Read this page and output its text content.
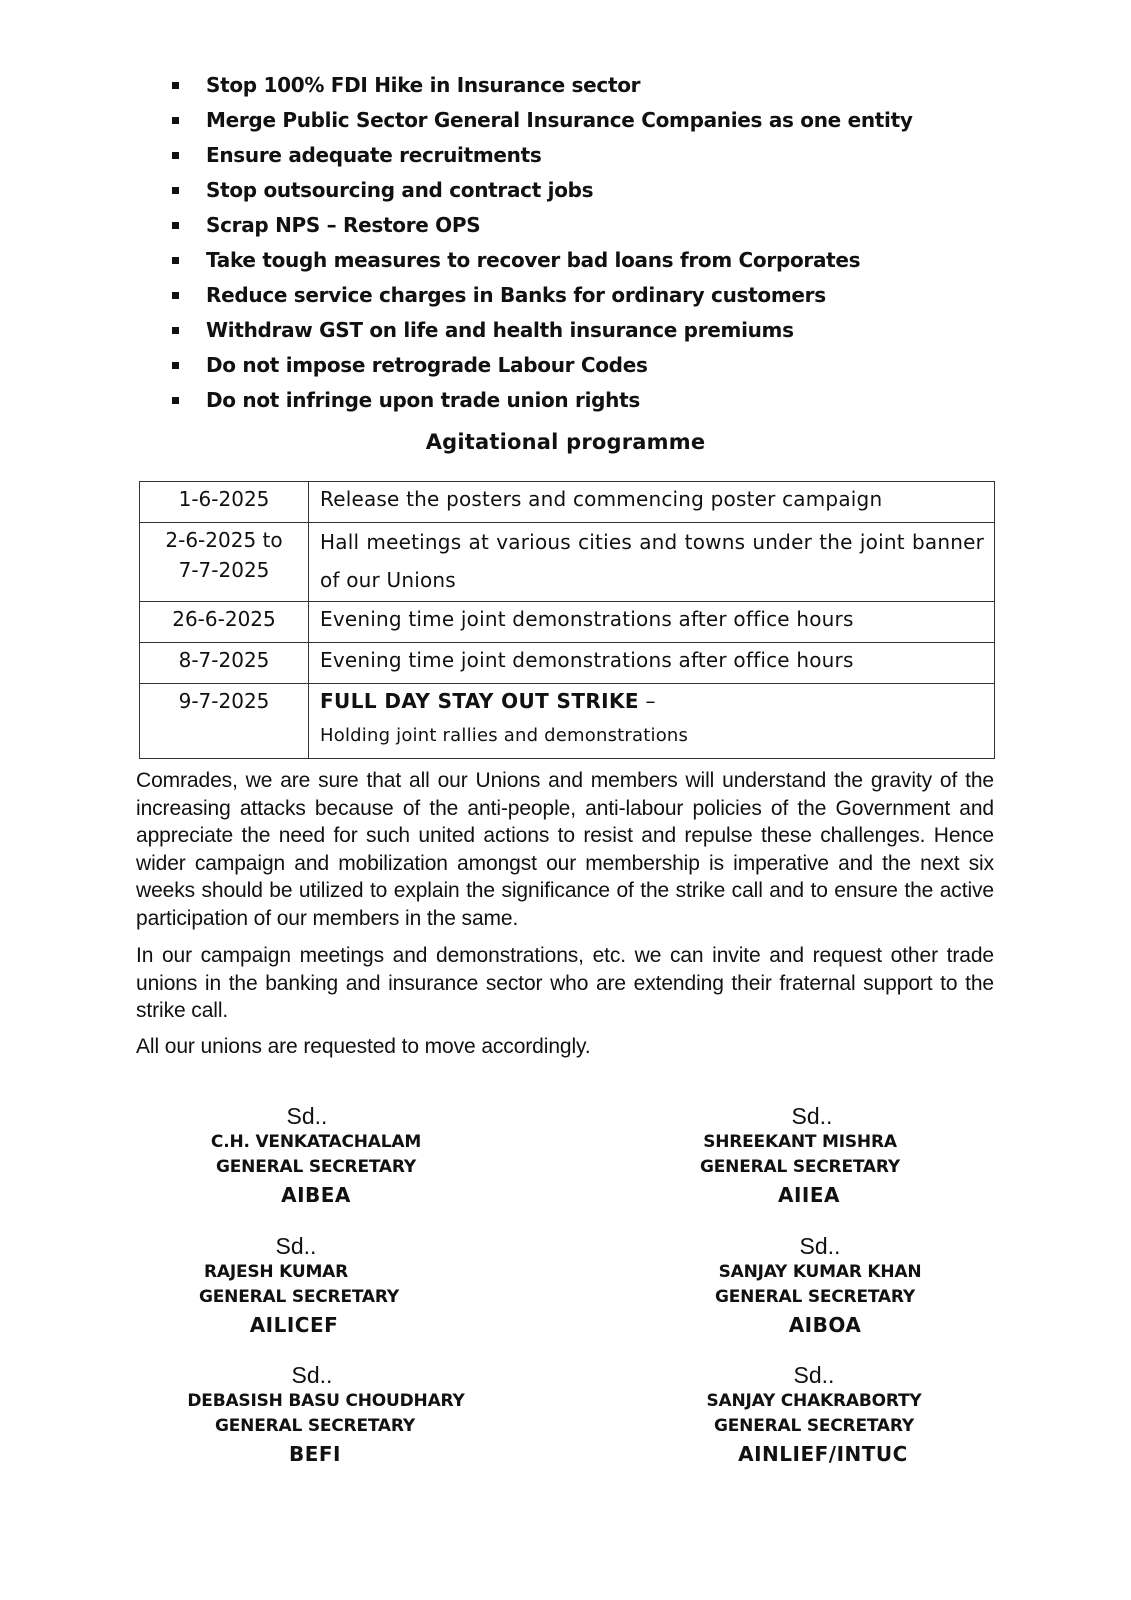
Stop 100% FDI Hike in Insurance sector
Merge Public Sector General Insurance Companies as one entity
Ensure adequate recruitments
Stop outsourcing and contract jobs
Scrap NPS – Restore OPS
Take tough measures to recover bad loans from Corporates
Reduce service charges in Banks for ordinary customers
Withdraw GST on life and health insurance premiums
Do not impose retrograde Labour Codes
Do not infringe upon trade union rights
Agitational programme
1-6-2025	Release the posters and commencing poster campaign
2-6-2025 to
7-7-2025	Hall meetings at various cities and towns under the joint banner of our Unions
26-6-2025	Evening time joint demonstrations after office hours
8-7-2025	Evening time joint demonstrations after office hours
9-7-2025	FULL DAY STAY OUT STRIKE –
Holding joint rallies and demonstrations

Comrades, we are sure that all our Unions and members will understand the gravity of the increasing attacks because of the anti-people, anti-labour policies of the Government and appreciate the need for such united actions to resist and repulse these challenges. Hence wider campaign and mobilization amongst our membership is imperative and the next six weeks should be utilized to explain the significance of the strike call and to ensure the active participation of our members in the same.

In our campaign meetings and demonstrations, etc. we can invite and request other trade unions in the banking and insurance sector who are extending their fraternal support to the strike call.

All our unions are requested to move accordingly.

Sd..
C.H. VENKATACHALAM
GENERAL SECRETARY
AIBEA
Sd..
SHREEKANT MISHRA
GENERAL SECRETARY
AIIEA
Sd..
RAJESH KUMAR
GENERAL SECRETARY
AILICEF
Sd..
SANJAY KUMAR KHAN
GENERAL SECRETARY
AIBOA
Sd..
DEBASISH BASU CHOUDHARY
GENERAL SECRETARY
BEFI
Sd..
SANJAY CHAKRABORTY
GENERAL SECRETARY
AINLIEF/INTUC
